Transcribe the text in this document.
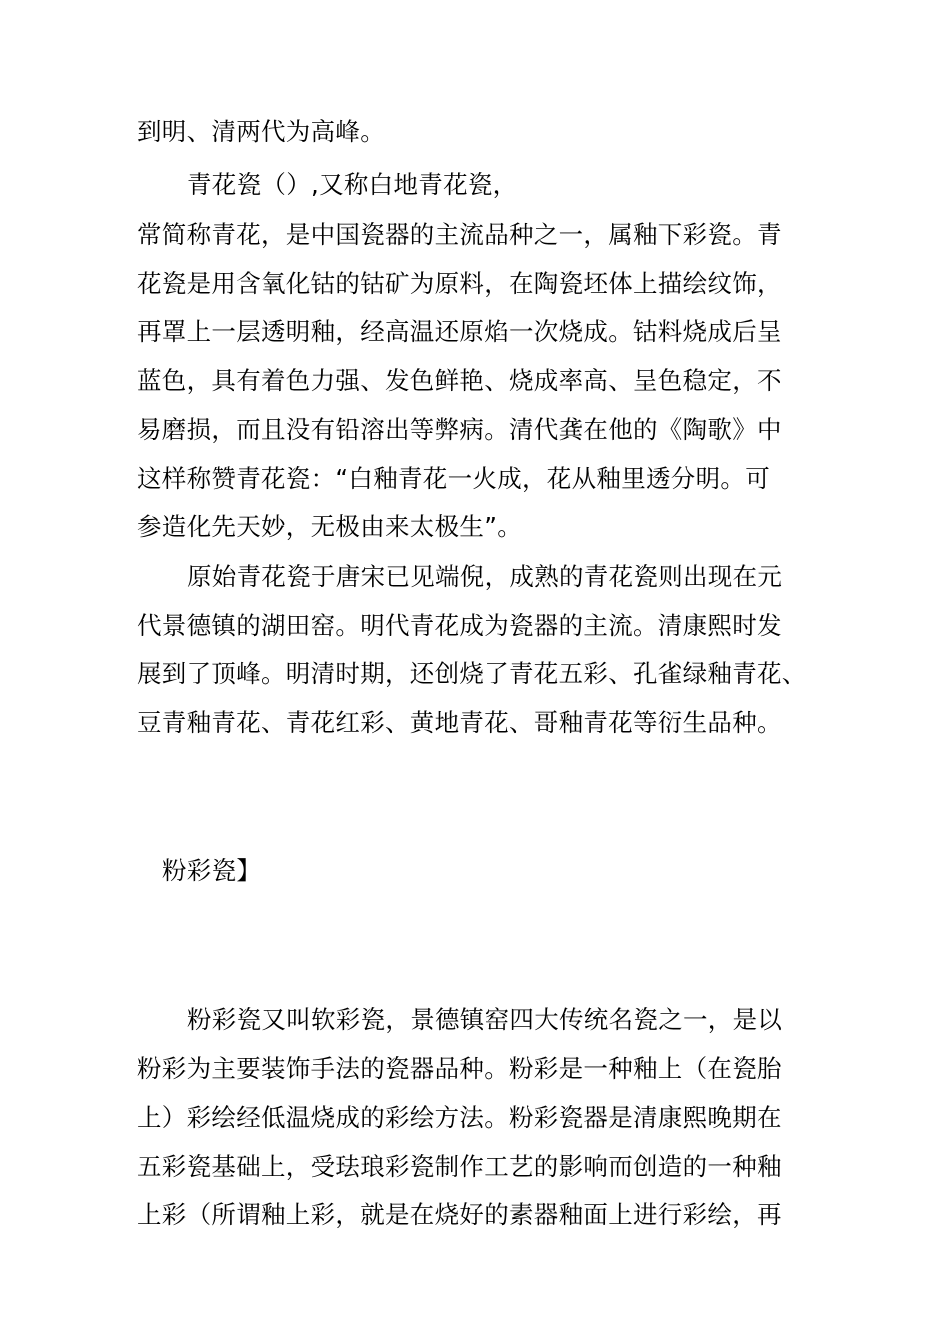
到明、清两代为高峰。
青花瓷（）,又称白地青花瓷，
常简称青花，是中国瓷器的主流品种之一，属釉下彩瓷。青
花瓷是用含氧化钴的钴矿为原料，在陶瓷坯体上描绘纹饰，
再罩上一层透明釉，经高温还原焰一次烧成。钴料烧成后呈
蓝色，具有着色力强、发色鲜艳、烧成率高、呈色稳定，不
易磨损，而且没有铅溶出等弊病。清代龚在他的《陶歌》中
这样称赞青花瓷：“白釉青花一火成，花从釉里透分明。可
参造化先天妙，无极由来太极生”。
原始青花瓷于唐宋已见端倪，成熟的青花瓷则出现在元
代景德镇的湖田窑。明代青花成为瓷器的主流。清康熙时发
展到了顶峰。明清时期，还创烧了青花五彩、孔雀绿釉青花、
豆青釉青花、青花红彩、黄地青花、哥釉青花等衍生品种。
粉彩瓷】
粉彩瓷又叫软彩瓷，景德镇窑四大传统名瓷之一，是以
粉彩为主要装饰手法的瓷器品种。粉彩是一种釉上（在瓷胎
上）彩绘经低温烧成的彩绘方法。粉彩瓷器是清康熙晚期在
五彩瓷基础上，受珐琅彩瓷制作工艺的影响而创造的一种釉
上彩（所谓釉上彩，就是在烧好的素器釉面上进行彩绘，再
